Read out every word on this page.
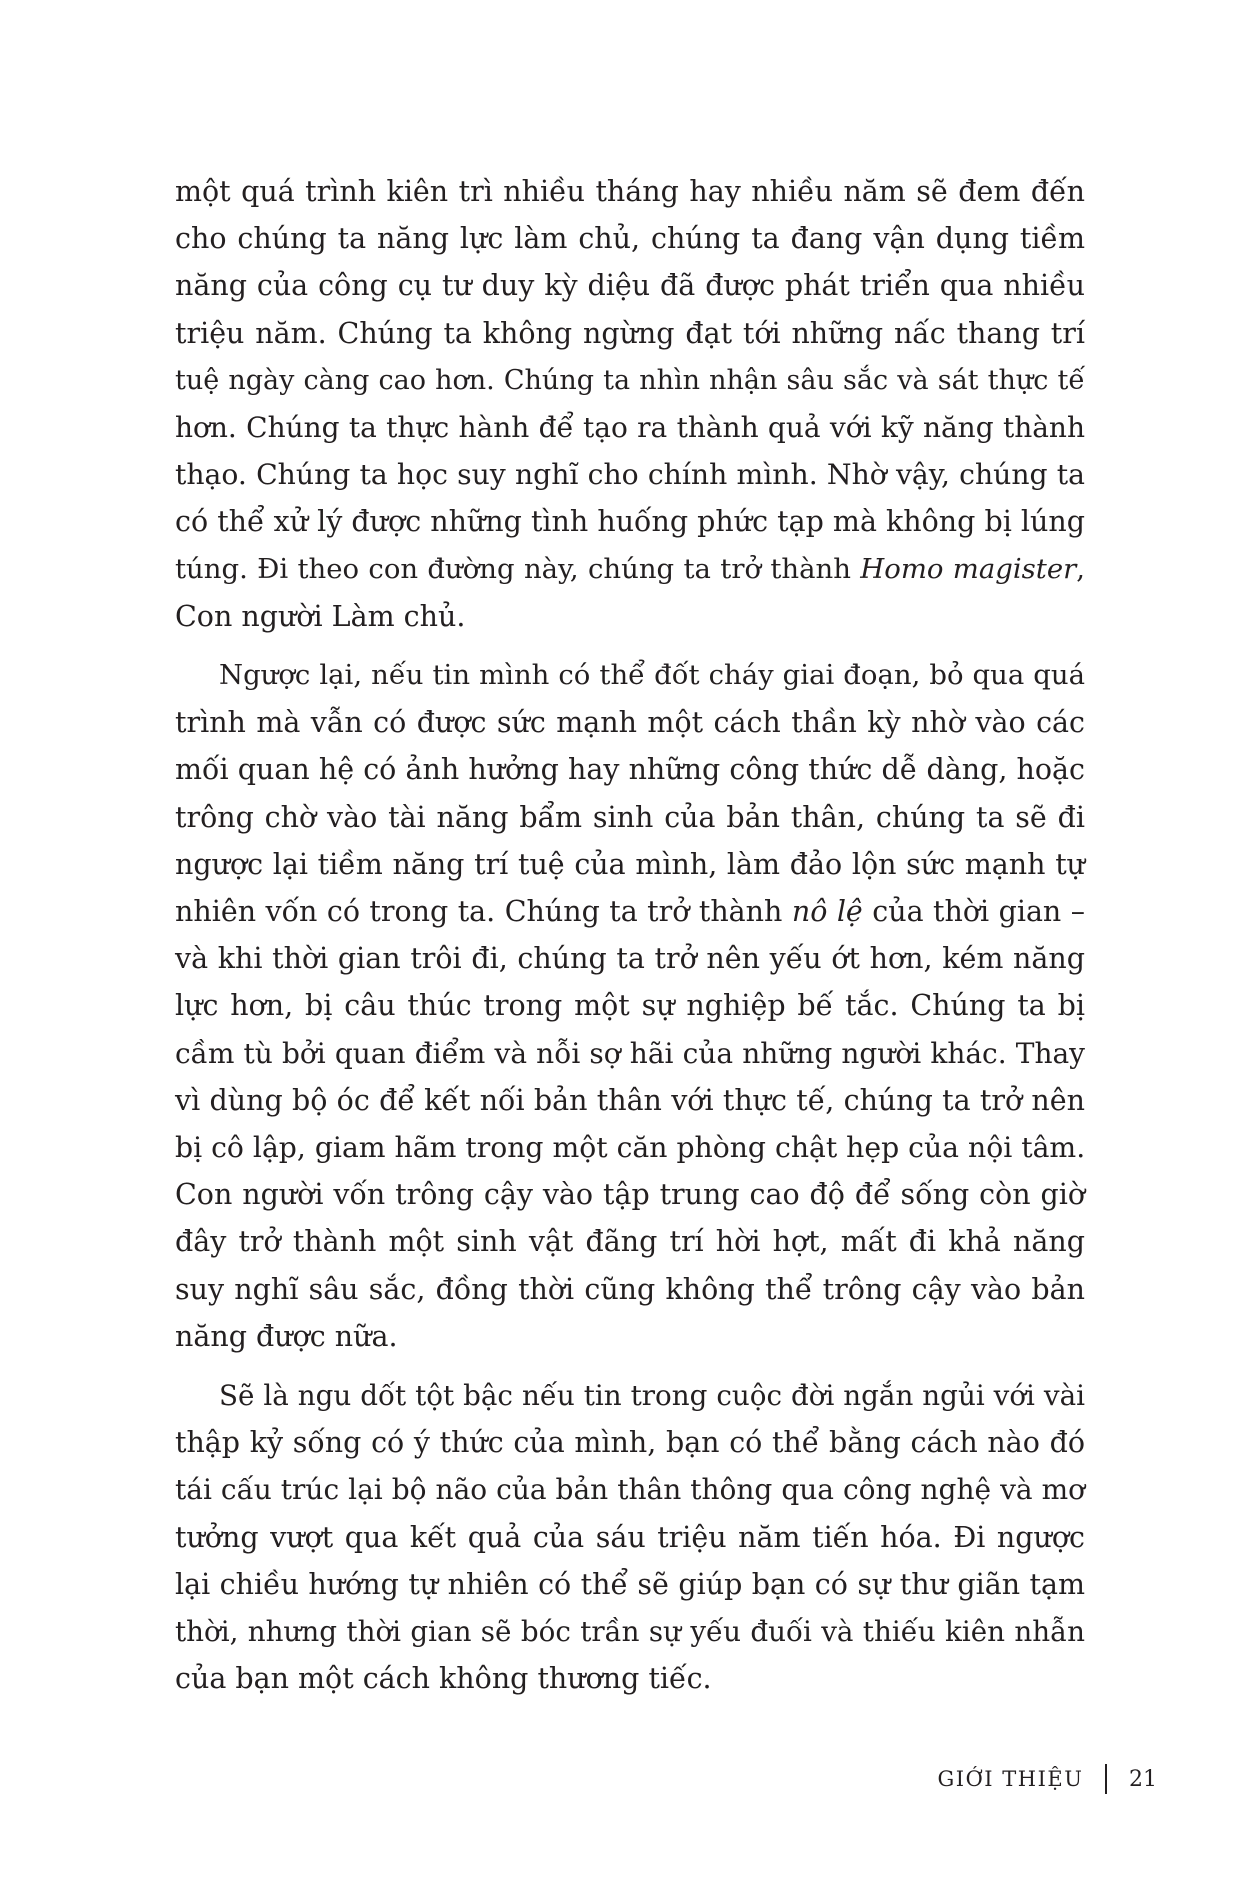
một quá trình kiên trì nhiều tháng hay nhiều năm sẽ đem đến
cho chúng ta năng lực làm chủ, chúng ta đang vận dụng tiềm
năng của công cụ tư duy kỳ diệu đã được phát triển qua nhiều
triệu năm. Chúng ta không ngừng đạt tới những nấc thang trí
tuệ ngày càng cao hơn. Chúng ta nhìn nhận sâu sắc và sát thực tế
hơn. Chúng ta thực hành để tạo ra thành quả với kỹ năng thành
thạo. Chúng ta học suy nghĩ cho chính mình. Nhờ vậy, chúng ta
có thể xử lý được những tình huống phức tạp mà không bị lúng
túng. Đi theo con đường này, chúng ta trở thành Homo magister,
Con người Làm chủ.

Ngược lại, nếu tin mình có thể đốt cháy giai đoạn, bỏ qua quá
trình mà vẫn có được sức mạnh một cách thần kỳ nhờ vào các
mối quan hệ có ảnh hưởng hay những công thức dễ dàng, hoặc
trông chờ vào tài năng bẩm sinh của bản thân, chúng ta sẽ đi
ngược lại tiềm năng trí tuệ của mình, làm đảo lộn sức mạnh tự
nhiên vốn có trong ta. Chúng ta trở thành nô lệ của thời gian –
và khi thời gian trôi đi, chúng ta trở nên yếu ớt hơn, kém năng
lực hơn, bị câu thúc trong một sự nghiệp bế tắc. Chúng ta bị
cầm tù bởi quan điểm và nỗi sợ hãi của những người khác. Thay
vì dùng bộ óc để kết nối bản thân với thực tế, chúng ta trở nên
bị cô lập, giam hãm trong một căn phòng chật hẹp của nội tâm.
Con người vốn trông cậy vào tập trung cao độ để sống còn giờ
đây trở thành một sinh vật đãng trí hời hợt, mất đi khả năng
suy nghĩ sâu sắc, đồng thời cũng không thể trông cậy vào bản
năng được nữa.

Sẽ là ngu dốt tột bậc nếu tin trong cuộc đời ngắn ngủi với vài
thập kỷ sống có ý thức của mình, bạn có thể bằng cách nào đó
tái cấu trúc lại bộ não của bản thân thông qua công nghệ và mơ
tưởng vượt qua kết quả của sáu triệu năm tiến hóa. Đi ngược
lại chiều hướng tự nhiên có thể sẽ giúp bạn có sự thư giãn tạm
thời, nhưng thời gian sẽ bóc trần sự yếu đuối và thiếu kiên nhẫn
của bạn một cách không thương tiếc.

GIỚI THIỆU 21
